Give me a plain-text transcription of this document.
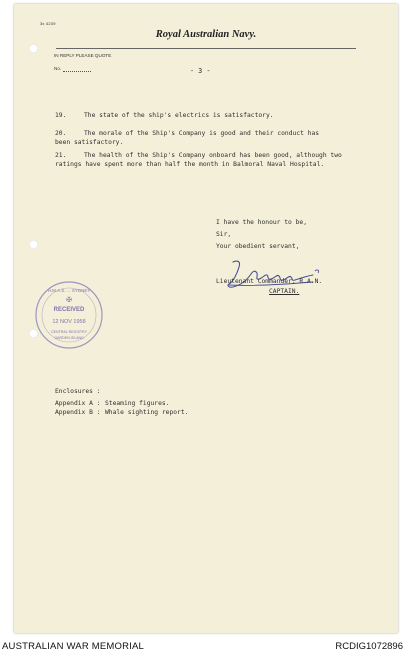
3x 4239
Royal Australian Navy.
IN REPLY PLEASE QUOTE
No.	- 3 -
19.	The state of the ship's electrics is satisfactory.
20.	The morale of the Ship's Company is good and their conduct has
been satisfactory.
21.	The health of the Ship's Company onboard has been good, although two
ratings have spent more than half the month in Balmoral Naval Hospital.
I have the honour to be,
Sir,
Your obedient servant,
Lieutenant Commander, R.A.N.
CAPTAIN.
H.M.A.S. ... SYDNEY
✠
RECEIVED
12 NOV 1958
CENTRAL REGISTRY
GARDEN ISLAND
Enclosures :
Appendix A : Steaming figures.
Appendix B : Whale sighting report.
AUSTRALIAN WAR MEMORIAL	RCDIG1072896
